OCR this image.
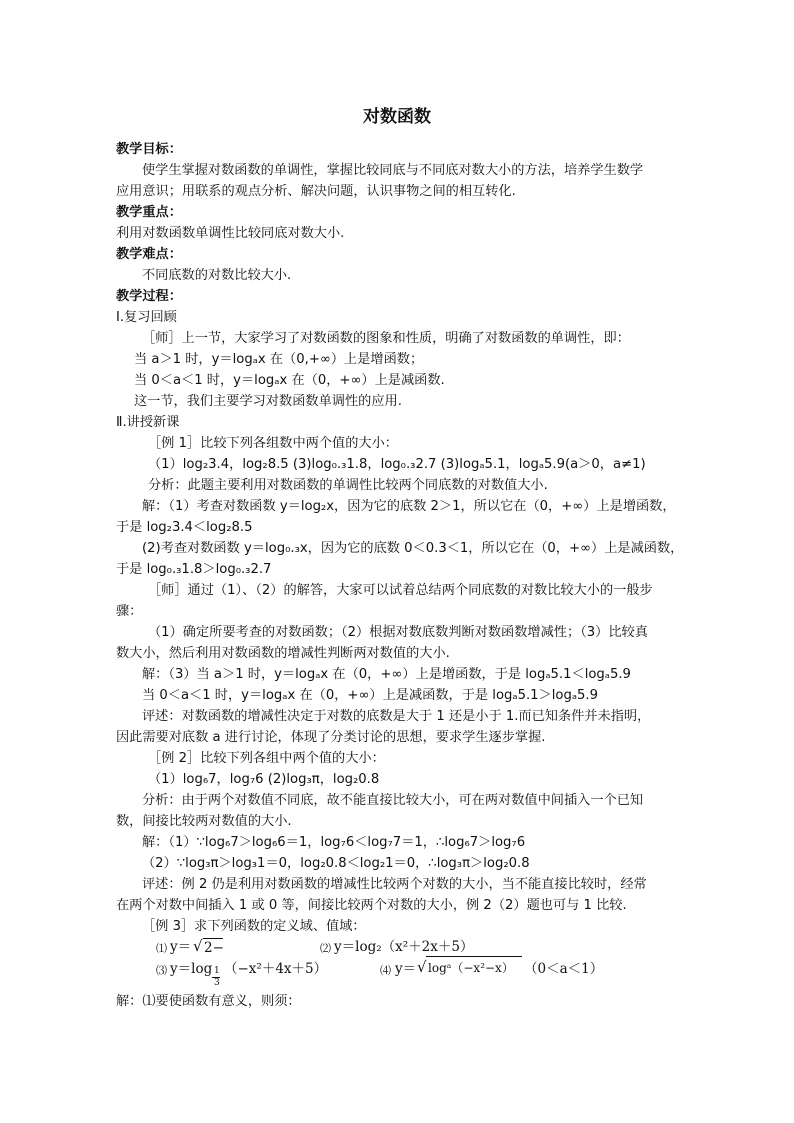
对数函数
教学目标：
使学生掌握对数函数的单调性，掌握比较同底与不同底对数大小的方法，培养学生数学
应用意识；用联系的观点分析、解决问题，认识事物之间的相互转化.
教学重点：
利用对数函数单调性比较同底对数大小.
教学难点：
不同底数的对数比较大小.
教学过程：
Ⅰ.复习回顾
［师］上一节，大家学习了对数函数的图象和性质，明确了对数函数的单调性，即：
当 a＞1 时，y＝logₐx 在（0,+∞）上是增函数；
当 0＜a＜1 时，y＝logₐx 在（0，+∞）上是减函数.
这一节，我们主要学习对数函数单调性的应用.
Ⅱ.讲授新课
［例 1］比较下列各组数中两个值的大小：
（1）log₂3.4，log₂8.5 (3)log₀.₃1.8，log₀.₃2.7 (3)logₐ5.1，logₐ5.9(a＞0，a≠1)
分析：此题主要利用对数函数的单调性比较两个同底数的对数值大小.
解：（1）考查对数函数 y＝log₂x，因为它的底数 2＞1，所以它在（0，+∞）上是增函数，
于是 log₂3.4＜log₂8.5
(2)考查对数函数 y＝log₀.₃x，因为它的底数 0＜0.3＜1，所以它在（0，+∞）上是减函数，
于是 log₀.₃1.8＞log₀.₃2.7
［师］通过（1）、（2）的解答，大家可以试着总结两个同底数的对数比较大小的一般步
骤：
（1）确定所要考查的对数函数；（2）根据对数底数判断对数函数增减性；（3）比较真
数大小，然后利用对数函数的增减性判断两对数值的大小.
解：（3）当 a＞1 时，y＝logₐx 在（0，+∞）上是增函数，于是 logₐ5.1＜logₐ5.9
当 0＜a＜1 时，y＝logₐx 在（0，+∞）上是减函数，于是 logₐ5.1＞logₐ5.9
评述：对数函数的增减性决定于对数的底数是大于 1 还是小于 1.而已知条件并未指明，
因此需要对底数 a 进行讨论，体现了分类讨论的思想，要求学生逐步掌握.
［例 2］比较下列各组中两个值的大小：
（1）log₆7，log₇6 (2)log₃π，log₂0.8
分析：由于两个对数值不同底，故不能直接比较大小，可在两对数值中间插入一个已知
数，间接比较两对数值的大小.
解：（1）∵log₆7＞log₆6＝1，log₇6＜log₇7＝1，∴log₆7＞log₇6
（2）∵log₃π＞log₃1＝0，log₂0.8＜log₂1＝0，∴log₃π＞log₂0.8
评述：例 2 仍是利用对数函数的增减性比较两个对数的大小，当不能直接比较时，经常
在两个对数中间插入 1 或 0 等，间接比较两个对数的大小，例 2（2）题也可与 1 比较.
［例 3］求下列函数的定义域、值域：
⑴ y＝ √ 2−	⑵ y＝log₂（x²＋2x＋5）
⑶ y＝log 1
3
（−x²＋4x＋5）	⑷ y＝ √ logᵃ（−x²−x） （0＜a＜1）
解：⑴要使函数有意义，则须：
